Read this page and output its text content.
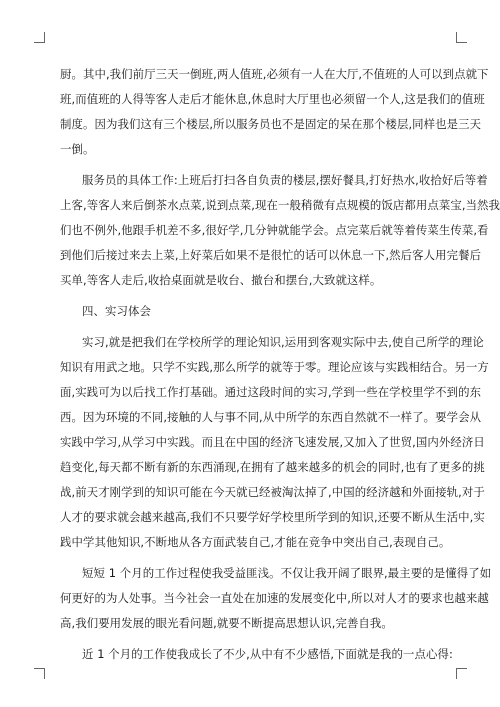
厨。其中,我们前厅三天一倒班,两人值班,必须有一人在大厅,不值班的人可以到点就下
班,而值班的人得等客人走后才能休息,休息时大厅里也必须留一个人,这是我们的值班
制度。因为我们这有三个楼层,所以服务员也不是固定的呆在那个楼层,同样也是三天
一倒。
服务员的具体工作:上班后打扫各自负责的楼层,摆好餐具,打好热水,收拾好后等着
上客,等客人来后倒茶水点菜,说到点菜,现在一般稍微有点规模的饭店都用点菜宝,当然我
们也不例外,他跟手机差不多,很好学,几分钟就能学会。点完菜后就等着传菜生传菜,看
到他们后接过来去上菜,上好菜后如果不是很忙的话可以休息一下,然后客人用完餐后
买单,等客人走后,收拾桌面就是收台、撤台和摆台,大致就这样。
四、实习体会
实习,就是把我们在学校所学的理论知识,运用到客观实际中去,使自己所学的理论
知识有用武之地。只学不实践,那么所学的就等于零。理论应该与实践相结合。另一方
面,实践可为以后找工作打基础。通过这段时间的实习,学到一些在学校里学不到的东
西。因为环境的不同,接触的人与事不同,从中所学的东西自然就不一样了。要学会从
实践中学习,从学习中实践。而且在中国的经济飞速发展,又加入了世贸,国内外经济日
趋变化,每天都不断有新的东西涌现,在拥有了越来越多的机会的同时,也有了更多的挑
战,前天才刚学到的知识可能在今天就已经被淘汰掉了,中国的经济越和外面接轨,对于
人才的要求就会越来越高,我们不只要学好学校里所学到的知识,还要不断从生活中,实
践中学其他知识,不断地从各方面武装自己,才能在竞争中突出自己,表现自己。
短短 1 个月的工作过程使我受益匪浅。不仅让我开阔了眼界,最主要的是懂得了如
何更好的为人处事。当今社会一直处在加速的发展变化中,所以对人才的要求也越来越
高,我们要用发展的眼光看问题,就要不断提高思想认识,完善自我。
近 1 个月的工作使我成长了不少,从中有不少感悟,下面就是我的一点心得:
